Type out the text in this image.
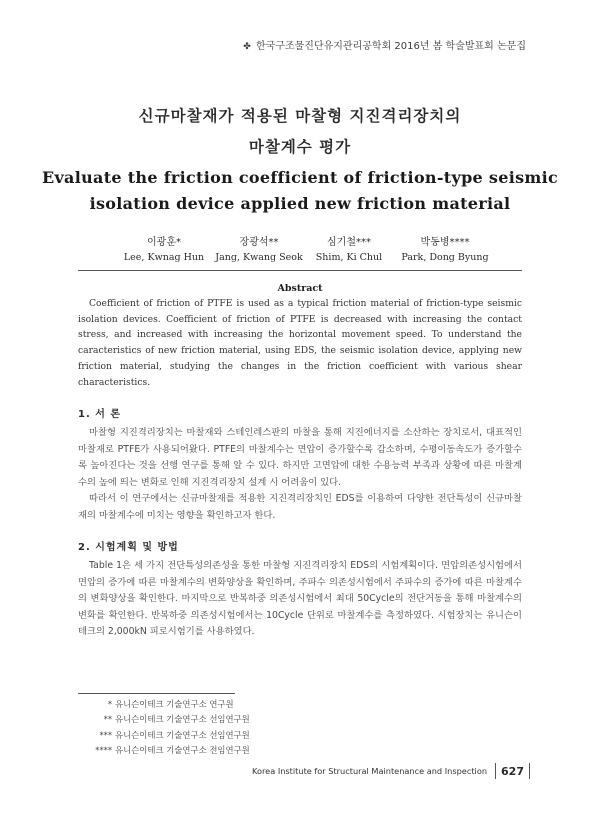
✤ 한국구조물진단유지관리공학회 2016년 봄 학술발표회 논문집
신규마찰재가 적용된 마찰형 지진격리장치의
마찰계수 평가
Evaluate the friction coefficient of friction-type seismic
isolation device applied new friction material
이광훈*
Lee, Kwnag Hun
장광석**
Jang, Kwang Seok
심기철***
Shim, Ki Chul
박동병****
Park, Dong Byung
Abstract
Coefficient of friction of PTFE is used as a typical friction material of friction-type seismic isolation devices. Coefficient of friction of PTFE is decreased with increasing the contact stress, and increased with increasing the horizontal movement speed. To understand the caracteristics of new friction material, using EDS, the seismic isolation device, applying new friction material, studying the changes in the friction coefficient with various shear characteristics.
1. 서 론

마찰형 지진격리장치는 마찰재와 스테인레스판의 마찰을 통해 지진에너지를 소산하는 장치로서, 대표적인 마찰재로 PTFE가 사용되어왔다. PTFE의 마찰계수는 면압이 증가할수록 감소하며, 수평이동속도가 증가할수록 높아진다는 것을 선행 연구를 통해 알 수 있다. 하지만 고면압에 대한 수용능력 부족과 상황에 따른 마찰계수의 높에 띄는 변화로 인해 지진격리장치 설계 시 어려움이 있다.

따라서 이 연구에서는 신규마찰재를 적용한 지진격리장치인 EDS를 이용하여 다양한 전단특성이 신규마찰재의 마찰계수에 미치는 영향을 확인하고자 한다.

2. 시험계획 및 방법

Table 1은 세 가지 전단특성의존성을 통한 마찰형 지진격리장치 EDS의 시험계획이다. 면압의존성시험에서 면압의 증가에 따른 마찰계수의 변화양상을 확인하며, 주파수 의존성시험에서 주파수의 증가에 따른 마찰계수의 변화양상을 확인한다. 마지막으로 반복하중 의존성시험에서 최대 50Cycle의 전단거동을 통해 마찰계수의 변화를 확인한다. 반복하중 의존성시험에서는 10Cycle 단위로 마찰계수를 측정하였다. 시험장치는 유니슨이테크의 2,000kN 피로시험기를 사용하였다.

* 유니슨이테크 기술연구소 연구원
** 유니슨이테크 기술연구소 선임연구원
*** 유니슨이테크 기술연구소 선임연구원
**** 유니슨이테크 기술연구소 전임연구원
Korea Institute for Structural Maintenance and Inspection 627
